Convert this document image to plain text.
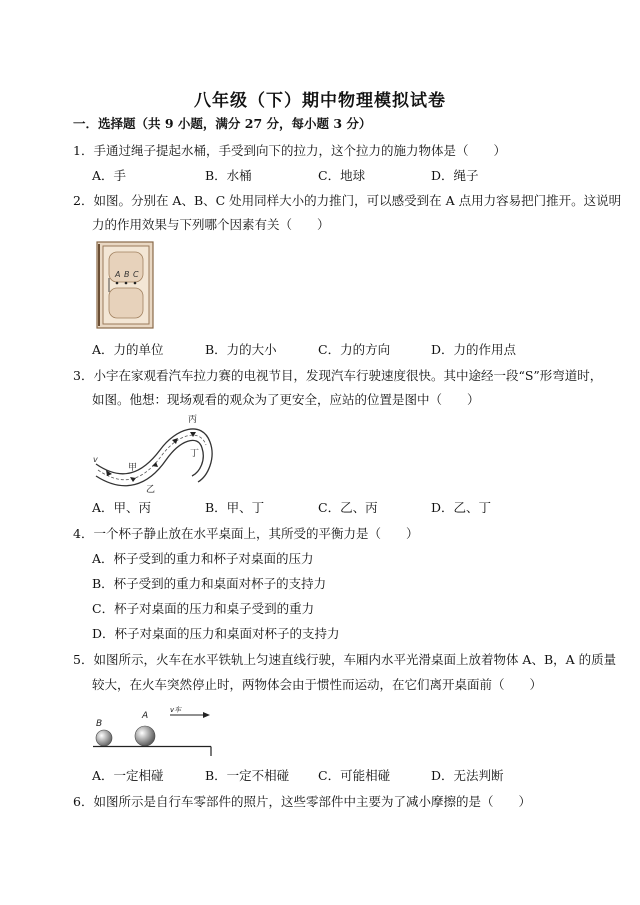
八年级（下）期中物理模拟试卷
一．选择题（共 9 小题，满分 27 分，每小题 3 分）
1．手通过绳子提起水桶，手受到向下的拉力，这个拉力的施力物体是（　　）
A．手	B．水桶	C．地球	D．绳子
2．如图。分别在 A、B、C 处用同样大小的力推门，可以感受到在 A 点用力容易把门推开。这说明
力的作用效果与下列哪个因素有关（　　）
A B C
A．力的单位	B．力的大小	C．力的方向	D．力的作用点
3．小宇在家观看汽车拉力赛的电视节目，发现汽车行驶速度很快。其中途经一段“S”形弯道时，
如图。他想：现场观看的观众为了更安全，应站的位置是图中（　　）
v
甲
乙
丙
丁
A．甲、丙	B．甲、丁	C．乙、丙	D．乙、丁
4．一个杯子静止放在水平桌面上，其所受的平衡力是（　　）
A．杯子受到的重力和杯子对桌面的压力
B．杯子受到的重力和桌面对杯子的支持力
C．杯子对桌面的压力和桌子受到的重力
D．杯子对桌面的压力和桌面对杯子的支持力
5．如图所示，火车在水平铁轨上匀速直线行驶，车厢内水平光滑桌面上放着物体 A、B，A 的质量
较大，在火车突然停止时，两物体会由于惯性而运动，在它们离开桌面前（　　）
B
A
v车
A．一定相碰	B．一定不相碰 C．可能相碰	D．无法判断
6．如图所示是自行车零部件的照片，这些零部件中主要为了减小摩擦的是（　　）
